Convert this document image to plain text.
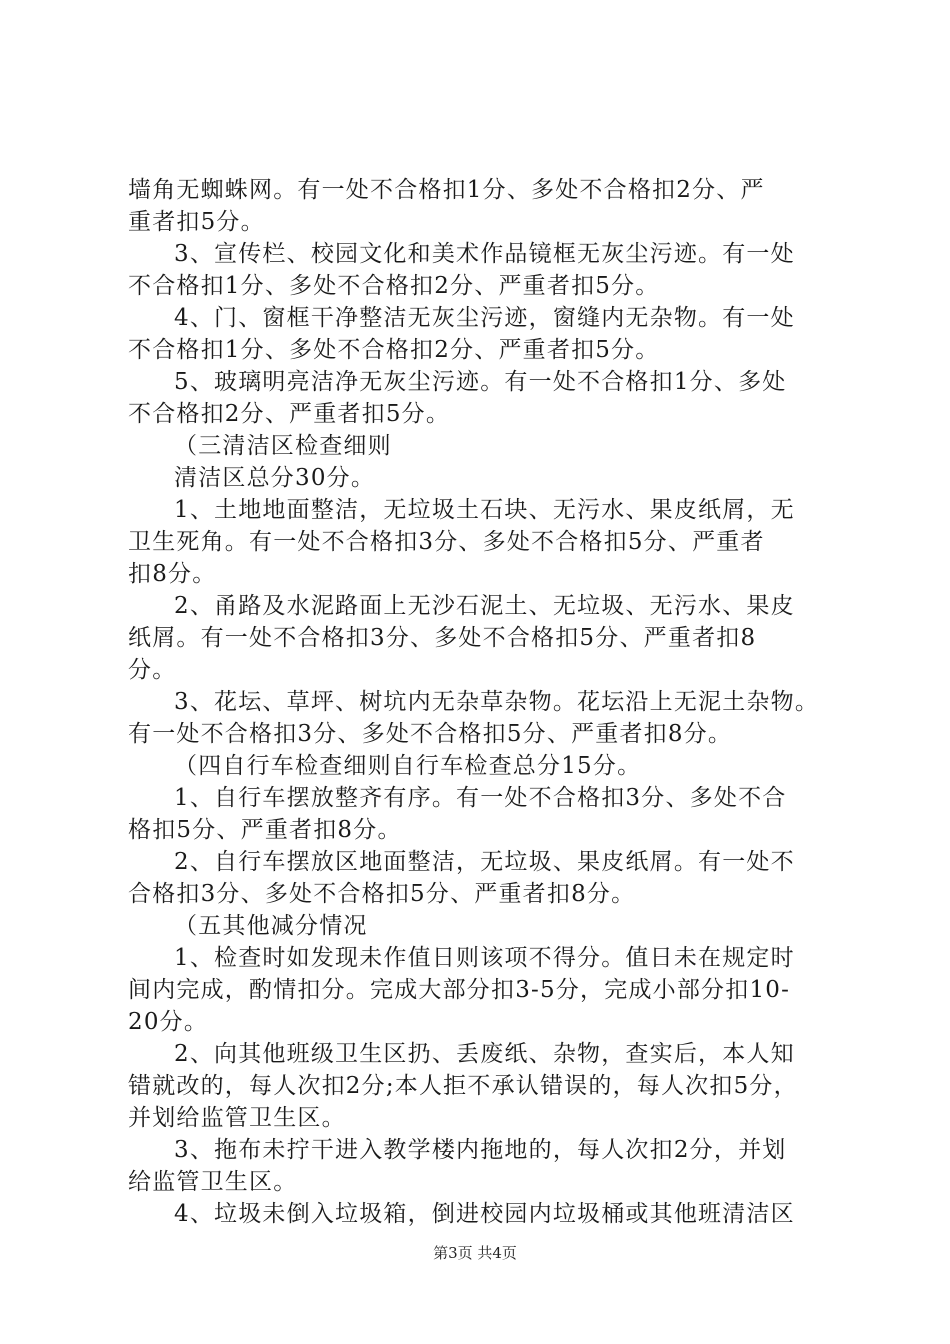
墙角无蜘蛛网。有一处不合格扣1分、多处不合格扣2分、严
重者扣5分。
3、宣传栏、校园文化和美术作品镜框无灰尘污迹。有一处
不合格扣1分、多处不合格扣2分、严重者扣5分。
4、门、窗框干净整洁无灰尘污迹，窗缝内无杂物。有一处
不合格扣1分、多处不合格扣2分、严重者扣5分。
5、玻璃明亮洁净无灰尘污迹。有一处不合格扣1分、多处
不合格扣2分、严重者扣5分。
（三清洁区检查细则
清洁区总分30分。
1、土地地面整洁，无垃圾土石块、无污水、果皮纸屑，无
卫生死角。有一处不合格扣3分、多处不合格扣5分、严重者
扣8分。
2、甬路及水泥路面上无沙石泥土、无垃圾、无污水、果皮
纸屑。有一处不合格扣3分、多处不合格扣5分、严重者扣8
分。
3、花坛、草坪、树坑内无杂草杂物。花坛沿上无泥土杂物。
有一处不合格扣3分、多处不合格扣5分、严重者扣8分。
（四自行车检查细则自行车检查总分15分。
1、自行车摆放整齐有序。有一处不合格扣3分、多处不合
格扣5分、严重者扣8分。
2、自行车摆放区地面整洁，无垃圾、果皮纸屑。有一处不
合格扣3分、多处不合格扣5分、严重者扣8分。
（五其他减分情况
1、检查时如发现未作值日则该项不得分。值日未在规定时
间内完成，酌情扣分。完成大部分扣3-5分，完成小部分扣10-
20分。
2、向其他班级卫生区扔、丢废纸、杂物，查实后，本人知
错就改的，每人次扣2分;本人拒不承认错误的，每人次扣5分，
并划给监管卫生区。
3、拖布未拧干进入教学楼内拖地的，每人次扣2分，并划
给监管卫生区。
4、垃圾未倒入垃圾箱，倒进校园内垃圾桶或其他班清洁区
第3页 共4页
